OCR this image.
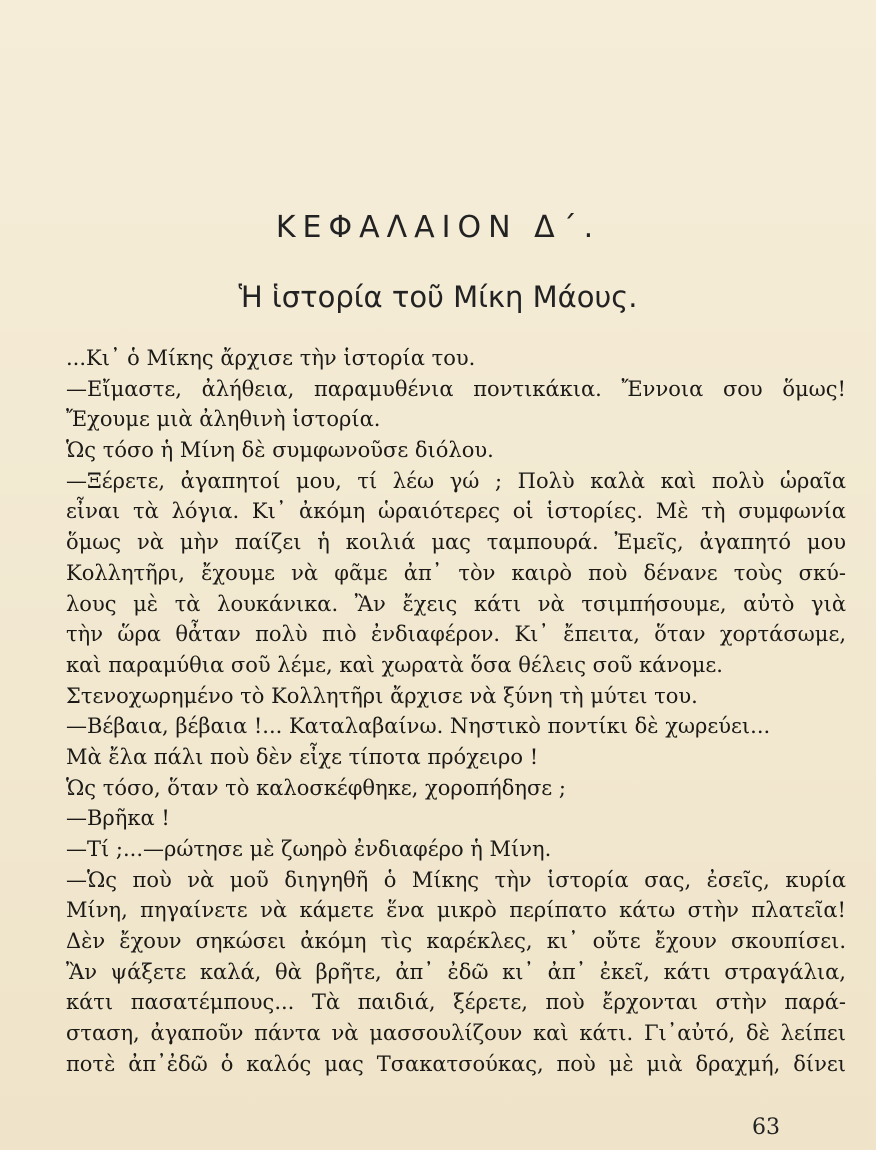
ΚΕΦΑΛΑΙΟΝ Δ΄.
Ἡ ἱστορία τοῦ Μίκη Μάους.
...Κι᾽ ὁ Μίκης ἄρχισε τὴν ἱστορία του.
—Εἴμαστε, ἀλήθεια, παραμυθένια ποντικάκια. Ἔννοια σου ὅμως!
Ἔχουμε μιὰ ἀληθινὴ ἱστορία.
Ὡς τόσο ἡ Μίνη δὲ συμφωνοῦσε διόλου.
—Ξέρετε, ἀγαπητοί μου, τί λέω γώ ; Πολὺ καλὰ καὶ πολὺ ὡραῖα
εἶναι τὰ λόγια. Κι᾽ ἀκόμη ὡραιότερες οἱ ἱστορίες. Μὲ τὴ συμφωνία
ὅμως νὰ μὴν παίζει ἡ κοιλιά μας ταμπουρά. Ἐμεῖς, ἀγαπητό μου
Κολλητῆρι, ἔχουμε νὰ φᾶμε ἀπ᾽ τὸν καιρὸ ποὺ δένανε τοὺς σκύ-
λους μὲ τὰ λουκάνικα. Ἂν ἔχεις κάτι νὰ τσιμπήσουμε, αὐτὸ γιὰ
τὴν ὥρα θἆταν πολὺ πιὸ ἐνδιαφέρον. Κι᾽ ἔπειτα, ὅταν χορτάσωμε,
καὶ παραμύθια σοῦ λέμε, καὶ χωρατὰ ὅσα θέλεις σοῦ κάνομε.
Στενοχωρημένο τὸ Κολλητῆρι ἄρχισε νὰ ξύνη τὴ μύτει του.
—Βέβαια, βέβαια !... Καταλαβαίνω. Νηστικὸ ποντίκι δὲ χωρεύει...
Μὰ ἔλα πάλι ποὺ δὲν εἶχε τίποτα πρόχειρο !
Ὡς τόσο, ὅταν τὸ καλοσκέφθηκε, χοροπήδησε ;
—Βρῆκα !
—Τί ;...—ρώτησε μὲ ζωηρὸ ἐνδιαφέρο ἡ Μίνη.
—Ὡς ποὺ νὰ μοῦ διηγηθῆ ὁ Μίκης τὴν ἱστορία σας, ἐσεῖς, κυρία
Μίνη, πηγαίνετε νὰ κάμετε ἕνα μικρὸ περίπατο κάτω στὴν πλατεῖα!
Δὲν ἔχουν σηκώσει ἀκόμη τὶς καρέκλες, κι᾽ οὔτε ἔχουν σκουπίσει.
Ἂν ψάξετε καλά, θὰ βρῆτε, ἀπ᾽ ἐδῶ κι᾽ ἀπ᾽ ἐκεῖ, κάτι στραγάλια,
κάτι πασατέμπους... Τὰ παιδιά, ξέρετε, ποὺ ἔρχονται στὴν παρά-
σταση, ἀγαποῦν πάντα νὰ μασσουλίζουν καὶ κάτι. Γι᾽αὐτό, δὲ λείπει
ποτὲ ἀπ᾽ἐδῶ ὁ καλός μας Τσακατσούκας, ποὺ μὲ μιὰ δραχμή, δίνει
63
